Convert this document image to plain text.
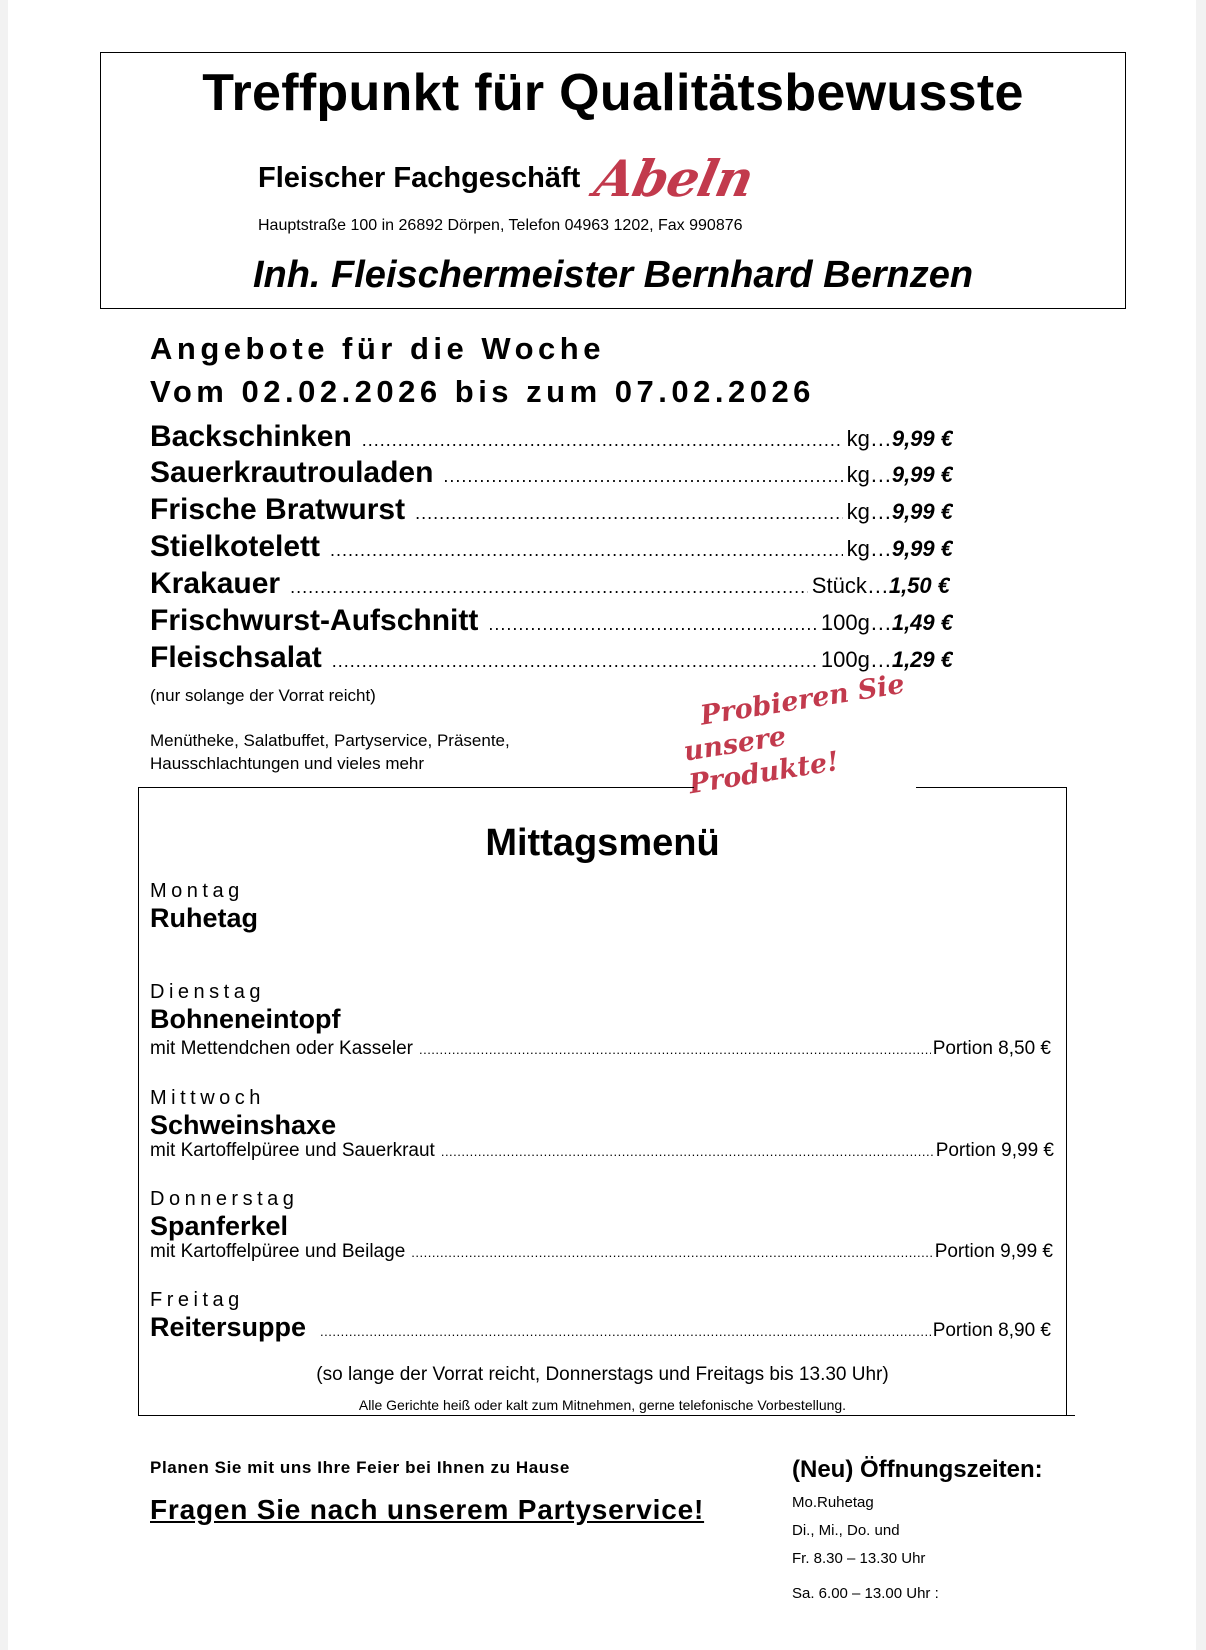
Treffpunkt für Qualitätsbewusste
Fleischer Fachgeschäft Abeln
Hauptstraße 100 in 26892 Dörpen, Telefon 04963 1202, Fax 990876
Inh. Fleischermeister Bernhard Bernzen
Angebote für die Woche
Vom 02.02.2026 bis zum 07.02.2026
Backschinken .....	kg… 9,99 €
Sauerkrautrouladen .....	kg… 9,99 €
Frische Bratwurst .....	kg… 9,99 €
Stielkotelett .....	kg… 9,99 €
Krakauer .....	Stück… 1,50 €
Frischwurst-Aufschnitt .....	100g… 1,49 €
Fleischsalat .....	100g… 1,29 €
(nur solange der Vorrat reicht)
Menütheke, Salatbuffet, Partyservice, Präsente, Hausschlachtungen und vieles mehr
Probieren Sie
unsere Produkte!
Mittagsmenü
Montag
Ruhetag
Dienstag
Bohneneintopf
mit Mettendchen oder Kasseler .....	Portion 8,50 €
Mittwoch
Schweinshaxe
mit Kartoffelpüree und Sauerkraut .....	Portion 9,99 €
Donnerstag
Spanferkel
mit Kartoffelpüree und Beilage .....	Portion 9,99 €
Freitag
Reitersuppe .....	Portion 8,90 €
(so lange der Vorrat reicht, Donnerstags und Freitags bis 13.30 Uhr)
Alle Gerichte heiß oder kalt zum Mitnehmen, gerne telefonische Vorbestellung.
Planen Sie mit uns Ihre Feier bei Ihnen zu Hause
Fragen Sie nach unserem Partyservice!
(Neu) Öffnungszeiten:
Mo.Ruhetag
Di., Mi., Do. und
Fr. 8.30 – 13.30 Uhr
Sa. 6.00 – 13.00 Uhr :
